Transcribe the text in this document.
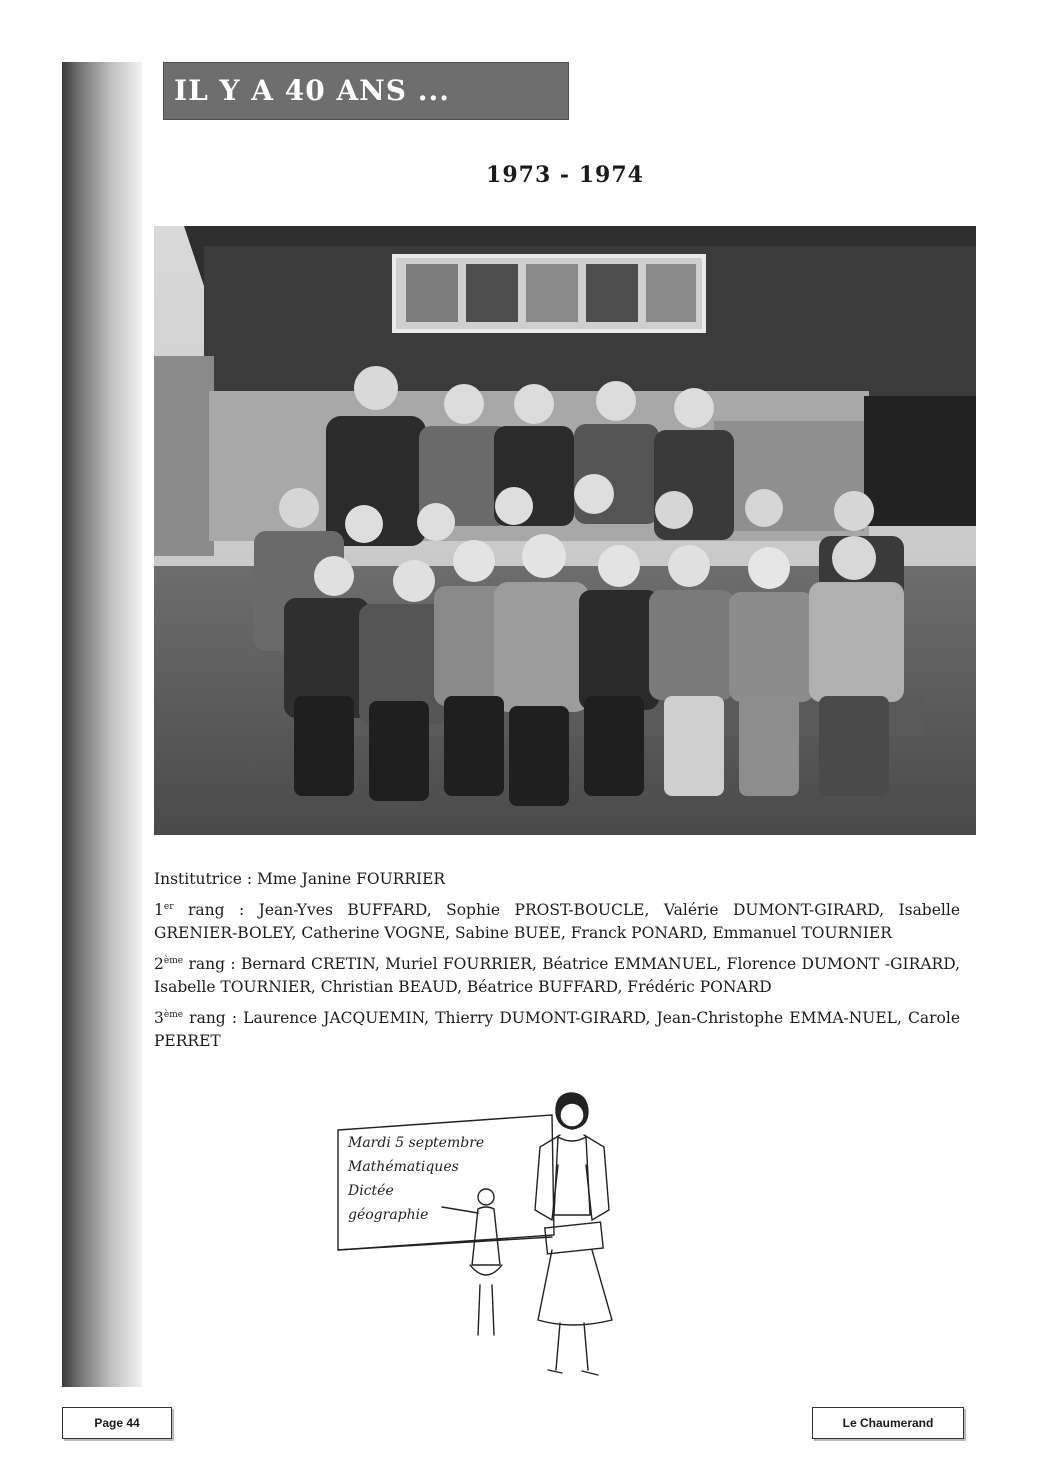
IL Y A 40 ANS ...
1973 - 1974

Institutrice : Mme Janine FOURRIER

1er rang : Jean-Yves BUFFARD, Sophie PROST-BOUCLE, Valérie DUMONT-GIRARD, Isabelle GRENIER-BOLEY, Catherine VOGNE, Sabine BUEE, Franck PONARD, Emmanuel TOURNIER

2ème rang : Bernard CRETIN, Muriel FOURRIER, Béatrice EMMANUEL, Florence DUMONT -GIRARD, Isabelle TOURNIER, Christian BEAUD, Béatrice BUFFARD, Frédéric PONARD

3ème rang : Laurence JACQUEMIN, Thierry DUMONT-GIRARD, Jean-Christophe EMMA-NUEL, Carole PERRET

Mardi 5 septembre
Mathématiques
Dictée
géographie
Page 44	Le Chaumerand
